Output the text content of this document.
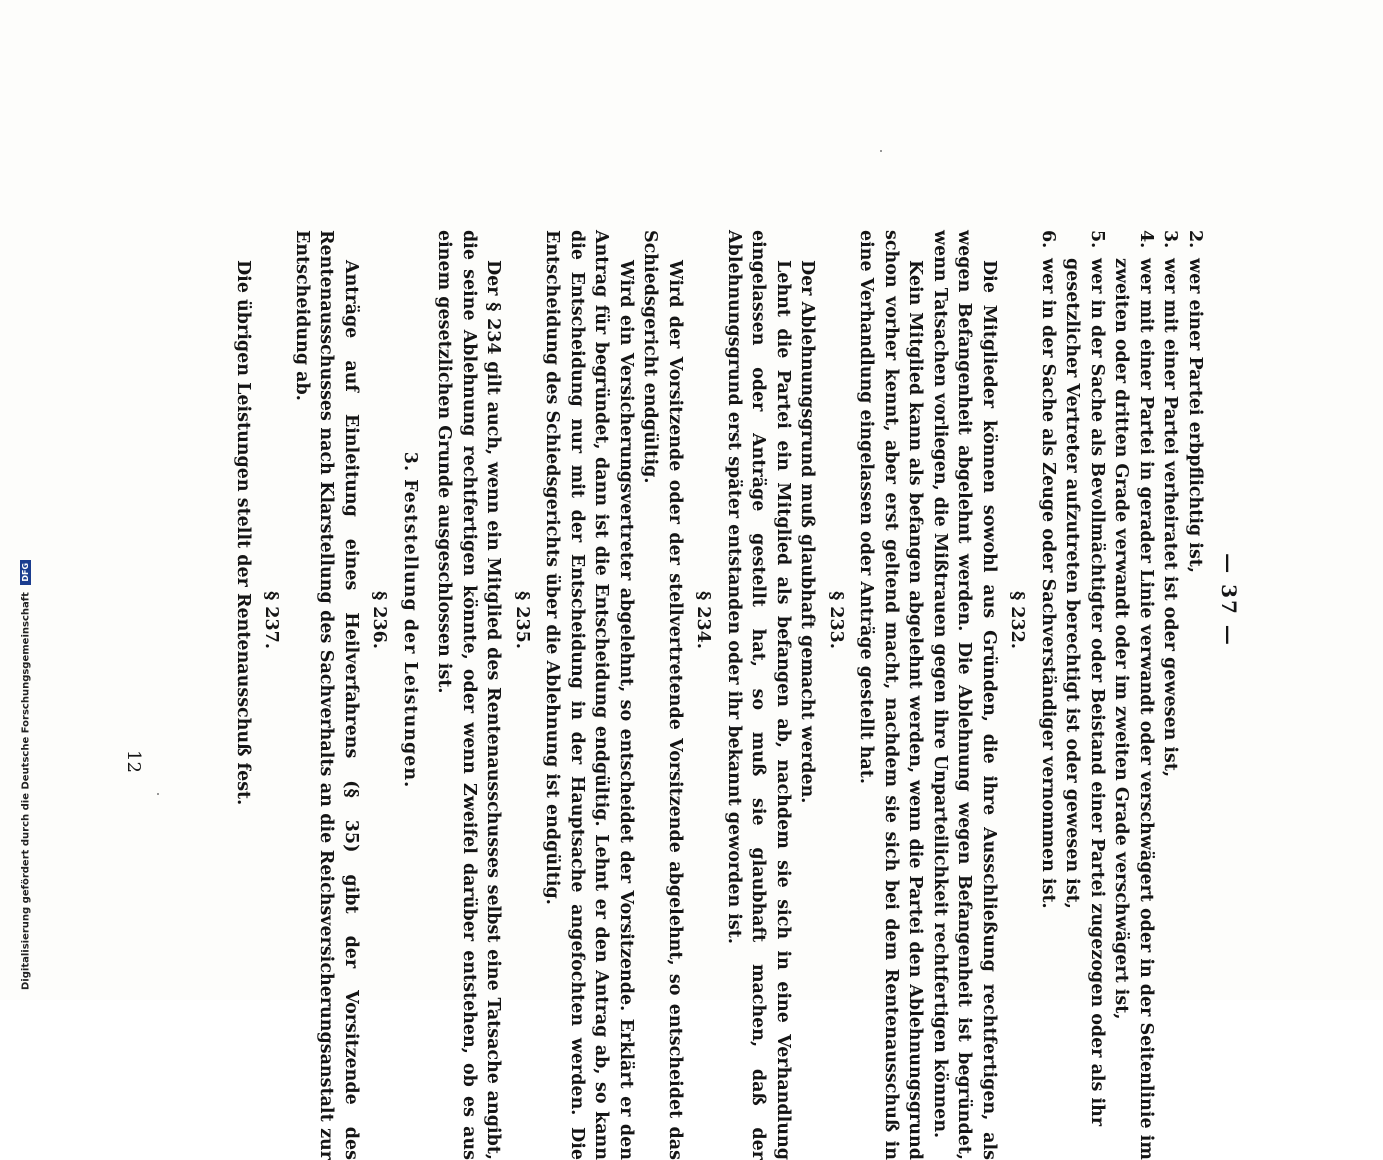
— 37 —
2.
wer einer Partei erbpflichtig ist,
3.
wer mit einer Partei verheiratet ist oder gewesen ist,
4.
wer mit einer Partei in gerader Linie verwandt oder verschwägert oder in der Seitenlinie im zweiten oder dritten Grade verwandt oder im zweiten Grade verschwägert ist,
5.
wer in der Sache als Bevollmächtigter oder Beistand einer Partei zugezogen oder als ihr gesetzlicher Vertreter aufzutreten berechtigt ist oder gewesen ist,
6.
wer in der Sache als Zeuge oder Sachverständiger vernommen ist.
§ 232.

Die Mitglieder können sowohl aus Gründen, die ihre Ausschließung rechtfertigen, als wegen Befangenheit abgelehnt werden. Die Ablehnung wegen Befangenheit ist begründet, wenn Tatsachen vorliegen, die Mißtrauen gegen ihre Unparteilichkeit rechtfertigen können.

Kein Mitglied kann als befangen abgelehnt werden, wenn die Partei den Ablehnungsgrund schon vorher kennt, aber erst geltend macht, nachdem sie sich bei dem Rentenausschuß in eine Verhandlung eingelassen oder Anträge gestellt hat.

§ 233.

Der Ablehnungsgrund muß glaubhaft gemacht werden.

Lehnt die Partei ein Mitglied als befangen ab, nachdem sie sich in eine Verhandlung eingelassen oder Anträge gestellt hat, so muß sie glaubhaft machen, daß der Ablehnungsgrund erst später entstanden oder ihr bekannt geworden ist.

§ 234.

Wird der Vorsitzende oder der stellvertretende Vorsitzende abgelehnt, so entscheidet das Schiedsgericht endgültig.

Wird ein Versicherungsvertreter abgelehnt, so entscheidet der Vorsitzende. Erklärt er den Antrag für begründet, dann ist die Entscheidung endgültig. Lehnt er den Antrag ab, so kann die Entscheidung nur mit der Entscheidung in der Hauptsache angefochten werden. Die Entscheidung des Schiedsgerichts über die Ablehnung ist endgültig.

§ 235.

Der § 234 gilt auch, wenn ein Mitglied des Rentenausschusses selbst eine Tatsache angibt, die seine Ablehnung rechtfertigen könnte, oder wenn Zweifel darüber entstehen, ob es aus einem gesetzlichen Grunde ausgeschlossen ist.

3. Feststellung der Leistungen.
§ 236.

Anträge auf Einleitung eines Heilverfahrens (§ 35) gibt der Vorsitzende des Rentenausschusses nach Klarstellung des Sachverhalts an die Reichsversicherungsanstalt zur Entscheidung ab.

§ 237.

Die übrigen Leistungen stellt der Rentenausschuß fest.

12
Digitalisierung gefördert durch die Deutsche Forschungsgemeinschaft DFG
